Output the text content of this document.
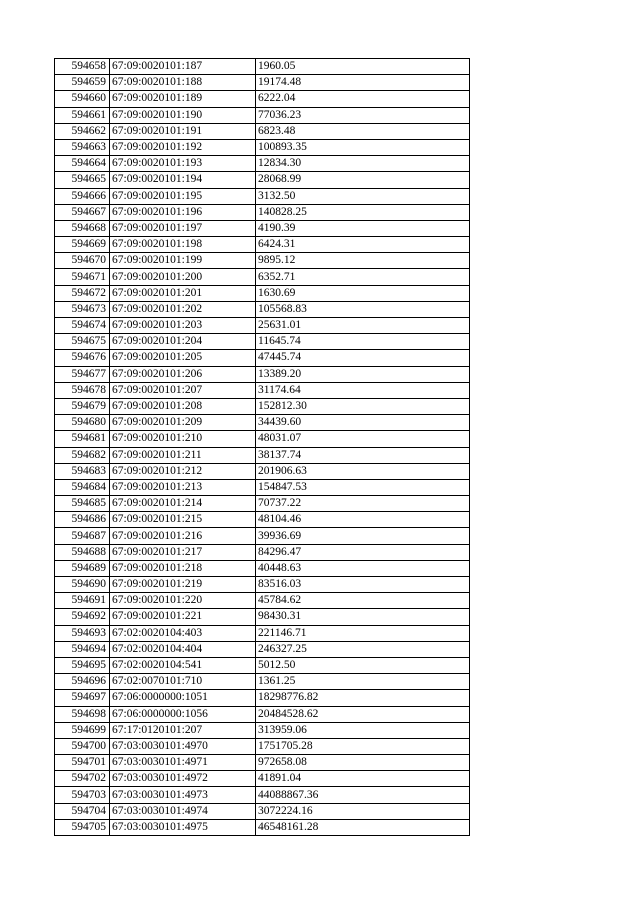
594658	67:09:0020101:187	1960.05
594659	67:09:0020101:188	19174.48
594660	67:09:0020101:189	6222.04
594661	67:09:0020101:190	77036.23
594662	67:09:0020101:191	6823.48
594663	67:09:0020101:192	100893.35
594664	67:09:0020101:193	12834.30
594665	67:09:0020101:194	28068.99
594666	67:09:0020101:195	3132.50
594667	67:09:0020101:196	140828.25
594668	67:09:0020101:197	4190.39
594669	67:09:0020101:198	6424.31
594670	67:09:0020101:199	9895.12
594671	67:09:0020101:200	6352.71
594672	67:09:0020101:201	1630.69
594673	67:09:0020101:202	105568.83
594674	67:09:0020101:203	25631.01
594675	67:09:0020101:204	11645.74
594676	67:09:0020101:205	47445.74
594677	67:09:0020101:206	13389.20
594678	67:09:0020101:207	31174.64
594679	67:09:0020101:208	152812.30
594680	67:09:0020101:209	34439.60
594681	67:09:0020101:210	48031.07
594682	67:09:0020101:211	38137.74
594683	67:09:0020101:212	201906.63
594684	67:09:0020101:213	154847.53
594685	67:09:0020101:214	70737.22
594686	67:09:0020101:215	48104.46
594687	67:09:0020101:216	39936.69
594688	67:09:0020101:217	84296.47
594689	67:09:0020101:218	40448.63
594690	67:09:0020101:219	83516.03
594691	67:09:0020101:220	45784.62
594692	67:09:0020101:221	98430.31
594693	67:02:0020104:403	221146.71
594694	67:02:0020104:404	246327.25
594695	67:02:0020104:541	5012.50
594696	67:02:0070101:710	1361.25
594697	67:06:0000000:1051	18298776.82
594698	67:06:0000000:1056	20484528.62
594699	67:17:0120101:207	313959.06
594700	67:03:0030101:4970	1751705.28
594701	67:03:0030101:4971	972658.08
594702	67:03:0030101:4972	41891.04
594703	67:03:0030101:4973	44088867.36
594704	67:03:0030101:4974	3072224.16
594705	67:03:0030101:4975	46548161.28
